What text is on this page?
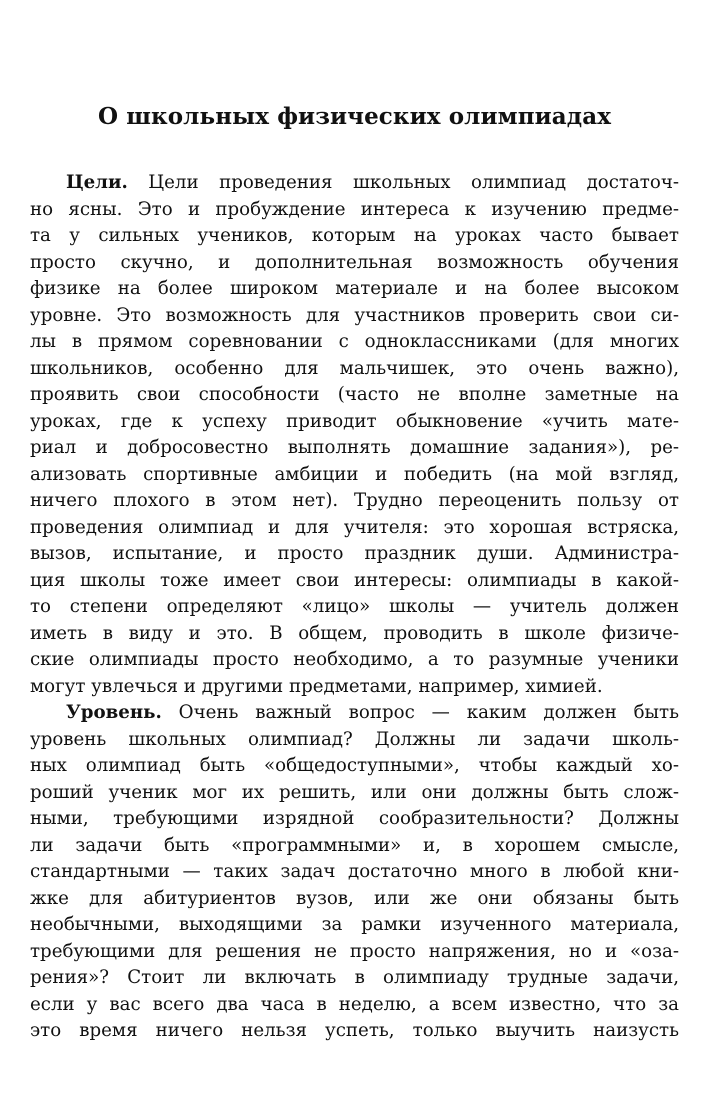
О школьных физических олимпиадах

Цели. Цели проведения школьных олимпиад достаточ-
но ясны. Это и пробуждение интереса к изучению предме-
та у сильных учеников, которым на уроках часто бывает
просто скучно, и дополнительная возможность обучения
физике на более широком материале и на более высоком
уровне. Это возможность для участников проверить свои си-
лы в прямом соревновании с одноклассниками (для многих
школьников, особенно для мальчишек, это очень важно),
проявить свои способности (часто не вполне заметные на
уроках, где к успеху приводит обыкновение «учить мате-
риал и добросовестно выполнять домашние задания»), ре-
ализовать спортивные амбиции и победить (на мой взгляд,
ничего плохого в этом нет). Трудно переоценить пользу от
проведения олимпиад и для учителя: это хорошая встряска,
вызов, испытание, и просто праздник души. Администра-
ция школы тоже имеет свои интересы: олимпиады в какой-
то степени определяют «лицо» школы — учитель должен
иметь в виду и это. В общем, проводить в школе физиче-
ские олимпиады просто необходимо, а то разумные ученики
могут увлечься и другими предметами, например, химией.

Уровень. Очень важный вопрос — каким должен быть
уровень школьных олимпиад? Должны ли задачи школь-
ных олимпиад быть «общедоступными», чтобы каждый хо-
роший ученик мог их решить, или они должны быть слож-
ными, требующими изрядной сообразительности? Должны
ли задачи быть «программными» и, в хорошем смысле,
стандартными — таких задач достаточно много в любой кни-
жке для абитуриентов вузов, или же они обязаны быть
необычными, выходящими за рамки изученного материала,
требующими для решения не просто напряжения, но и «оза-
рения»? Стоит ли включать в олимпиаду трудные задачи,
если у вас всего два часа в неделю, а всем известно, что за
это время ничего нельзя успеть, только выучить наизусть
